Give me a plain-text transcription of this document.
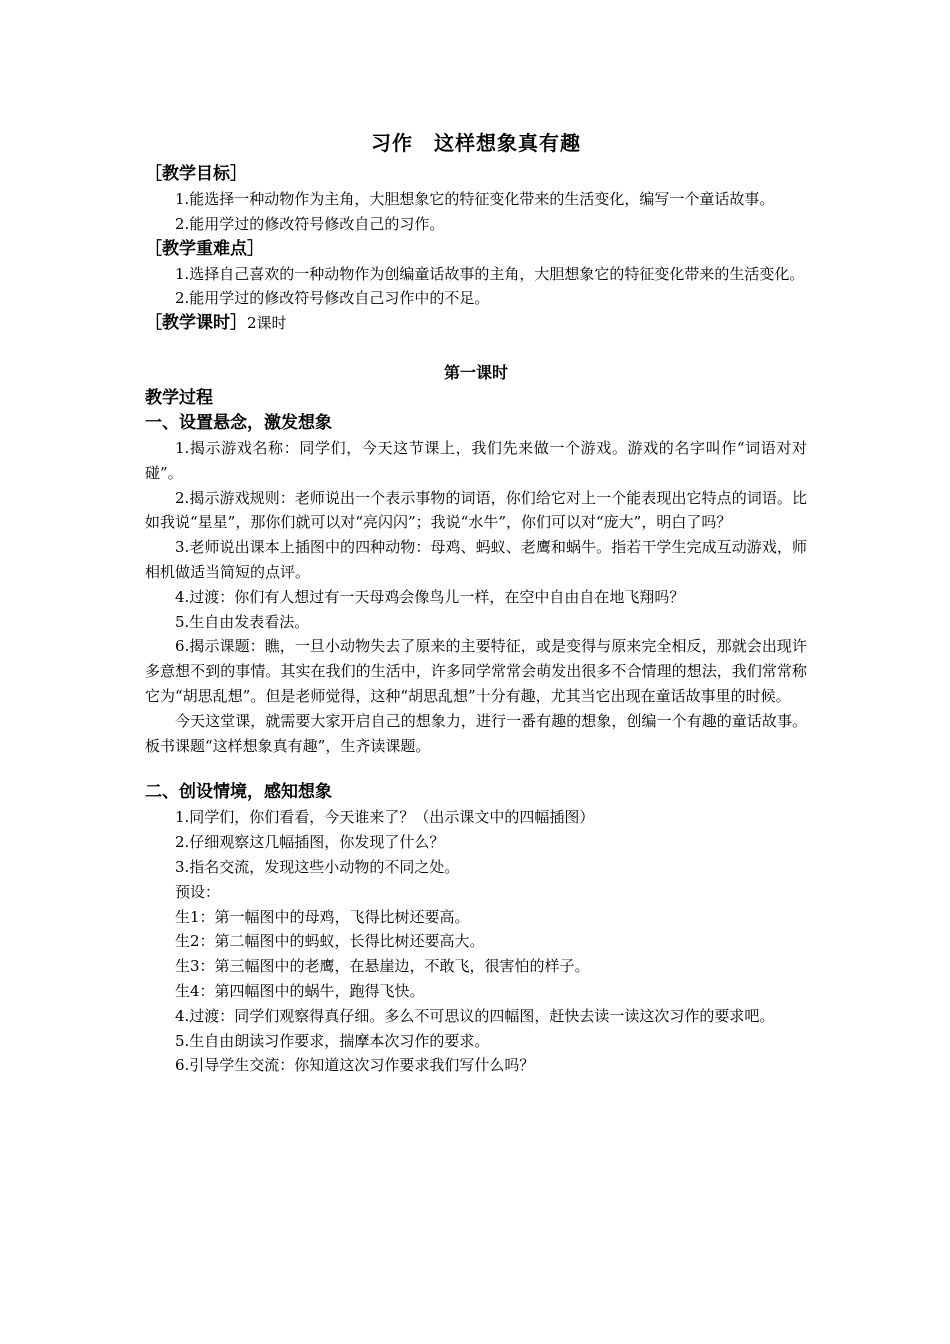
习作　这样想象真有趣

［教学目标］

1.能选择一种动物作为主角，大胆想象它的特征变化带来的生活变化，编写一个童话故事。

2.能用学过的修改符号修改自己的习作。

［教学重难点］

1.选择自己喜欢的一种动物作为创编童话故事的主角，大胆想象它的特征变化带来的生活变化。

2.能用学过的修改符号修改自己习作中的不足。

［教学课时］2课时

第一课时

教学过程

一、设置悬念，激发想象

1.揭示游戏名称：同学们，今天这节课上，我们先来做一个游戏。游戏的名字叫作“词语对对碰”。

2.揭示游戏规则：老师说出一个表示事物的词语，你们给它对上一个能表现出它特点的词语。比如我说“星星”，那你们就可以对“亮闪闪”；我说“水牛”，你们可以对“庞大”，明白了吗？

3.老师说出课本上插图中的四种动物：母鸡、蚂蚁、老鹰和蜗牛。指若干学生完成互动游戏，师相机做适当简短的点评。

4.过渡：你们有人想过有一天母鸡会像鸟儿一样，在空中自由自在地飞翔吗？

5.生自由发表看法。

6.揭示课题：瞧，一旦小动物失去了原来的主要特征，或是变得与原来完全相反，那就会出现许多意想不到的事情。其实在我们的生活中，许多同学常常会萌发出很多不合情理的想法，我们常常称它为“胡思乱想”。但是老师觉得，这种“胡思乱想”十分有趣，尤其当它出现在童话故事里的时候。

今天这堂课，就需要大家开启自己的想象力，进行一番有趣的想象，创编一个有趣的童话故事。板书课题“这样想象真有趣”，生齐读课题。

二、创设情境，感知想象

1.同学们，你们看看，今天谁来了？（出示课文中的四幅插图）

2.仔细观察这几幅插图，你发现了什么？

3.指名交流，发现这些小动物的不同之处。

预设：

生1：第一幅图中的母鸡，飞得比树还要高。

生2：第二幅图中的蚂蚁，长得比树还要高大。

生3：第三幅图中的老鹰，在悬崖边，不敢飞，很害怕的样子。

生4：第四幅图中的蜗牛，跑得飞快。

4.过渡：同学们观察得真仔细。多么不可思议的四幅图，赶快去读一读这次习作的要求吧。

5.生自由朗读习作要求，揣摩本次习作的要求。

6.引导学生交流：你知道这次习作要求我们写什么吗？
